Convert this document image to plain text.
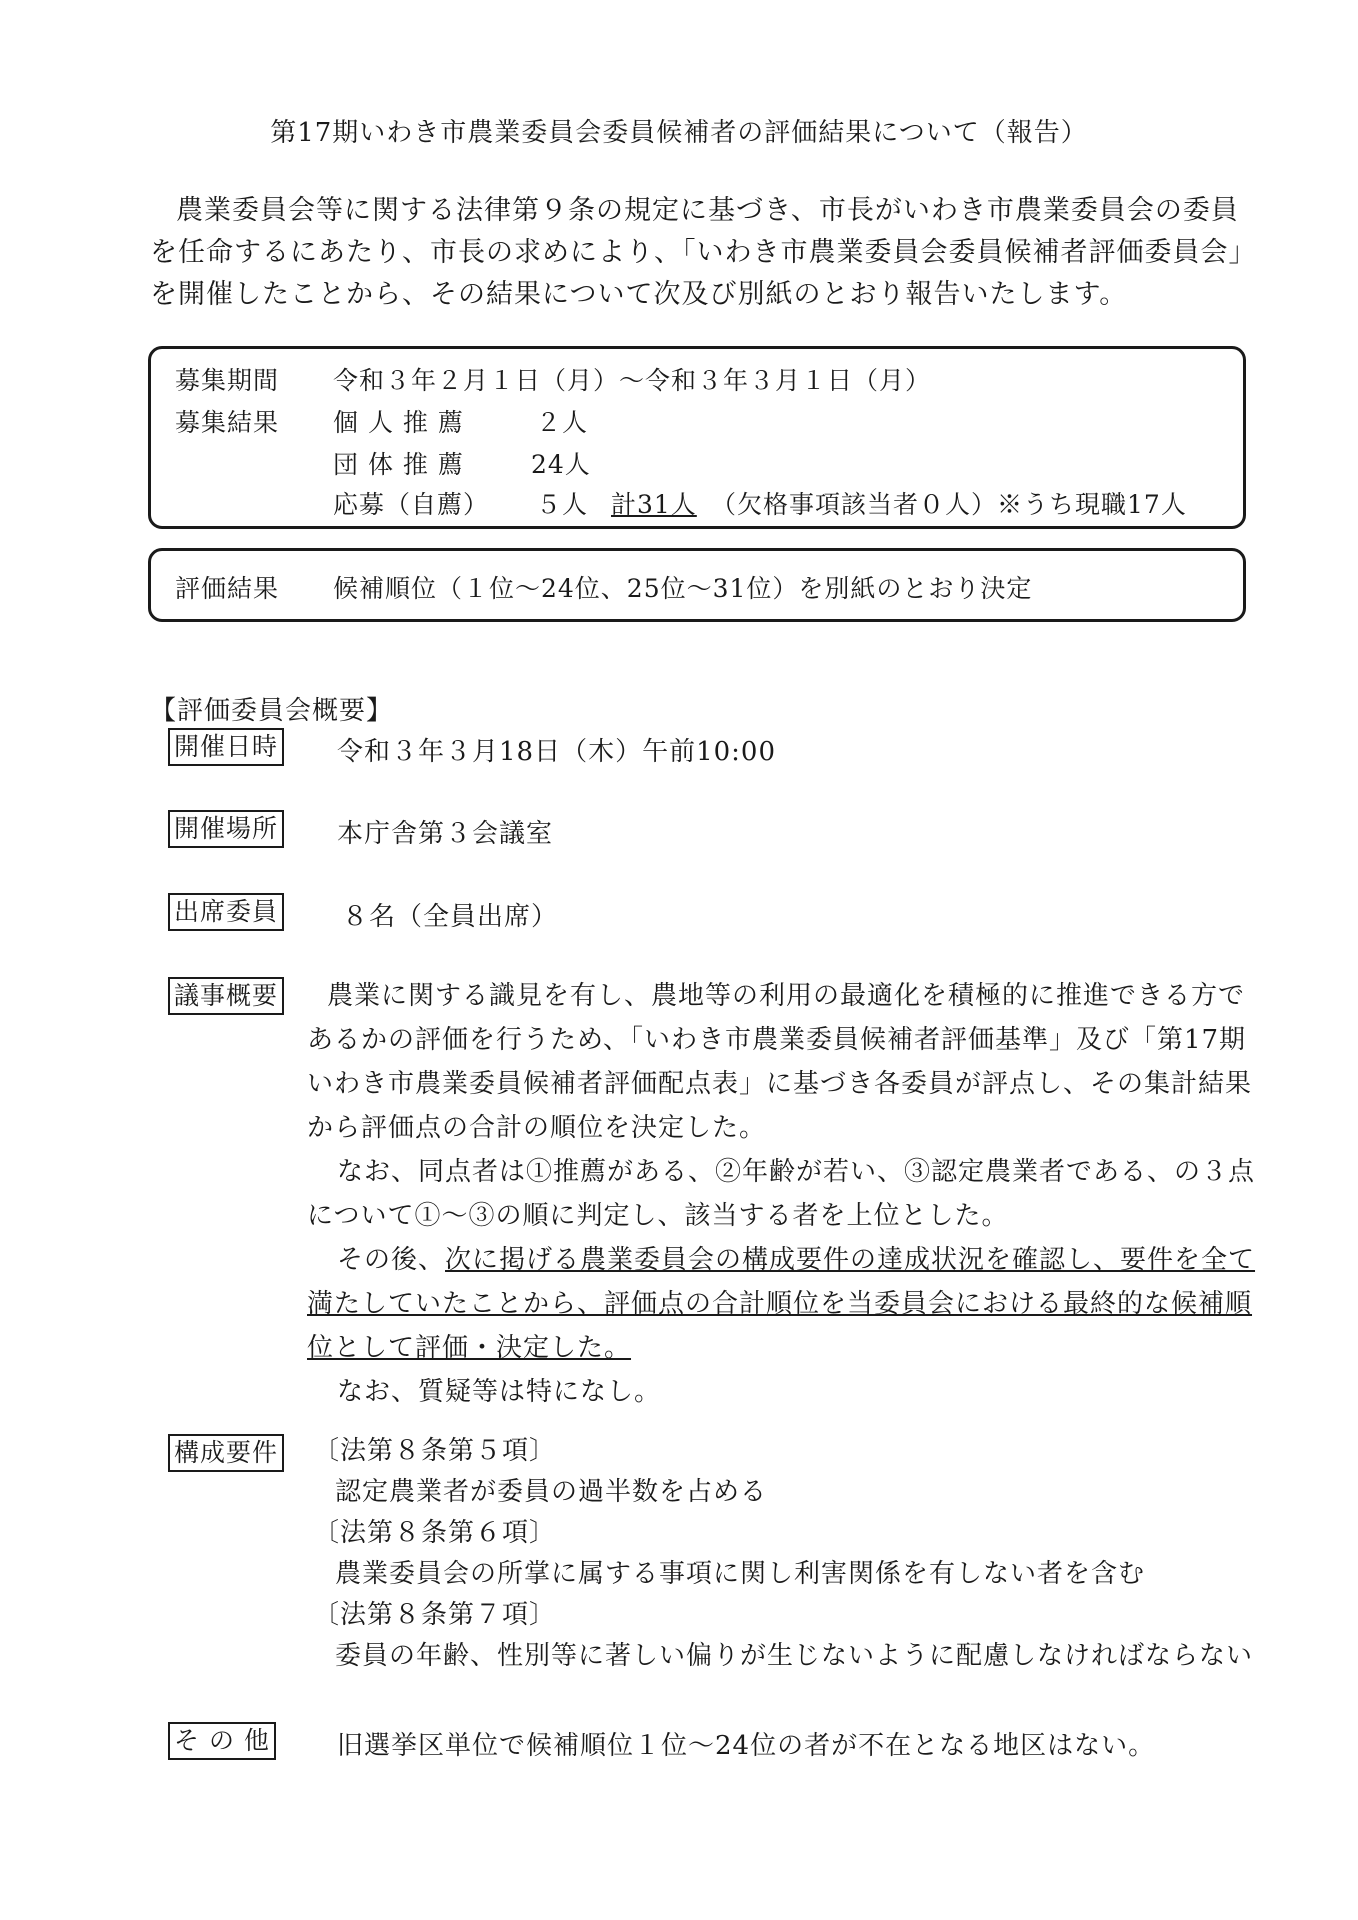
第17期いわき市農業委員会委員候補者の評価結果について（報告）

農業委員会等に関する法律第９条の規定に基づき、市長がいわき市農業委員会の委員を任命するにあたり、市長の求めにより、「いわき市農業委員会委員候補者評価委員会」を開催したことから、その結果について次及び別紙のとおり報告いたします。

募集期間 令和３年２月１日（月）～令和３年３月１日（月）
募集結果 個 人 推 薦	２人
団 体 推 薦	24人
応募（自薦） ５人 計31人 （欠格事項該当者０人）※うち現職17人
評価結果 候補順位（１位～24位、25位～31位）を別紙のとおり決定
【評価委員会概要】
開催日時 令和３年３月18日（木）午前10:00
開催場所 本庁舎第３会議室
出席委員 ８名（全員出席）
議事概要	農業に関する識見を有し、農地等の利用の最適化を積極的に推進できる方であるかの評価を行うため、「いわき市農業委員候補者評価基準」及び「第17期いわき市農業委員候補者評価配点表」に基づき各委員が評点し、その集計結果から評価点の合計の順位を決定した。

なお、同点者は①推薦がある、②年齢が若い、③認定農業者である、の３点について①～③の順に判定し、該当する者を上位とした。

その後、次に掲げる農業委員会の構成要件の達成状況を確認し、要件を全て満たしていたことから、評価点の合計順位を当委員会における最終的な候補順位として評価・決定した。

なお、質疑等は特になし。

構成要件 〔法第８条第５項〕
認定農業者が委員の過半数を占める
〔法第８条第６項〕
農業委員会の所掌に属する事項に関し利害関係を有しない者を含む
〔法第８条第７項〕
委員の年齢、性別等に著しい偏りが生じないように配慮しなければならない
そ の 他	旧選挙区単位で候補順位１位～24位の者が不在となる地区はない。
